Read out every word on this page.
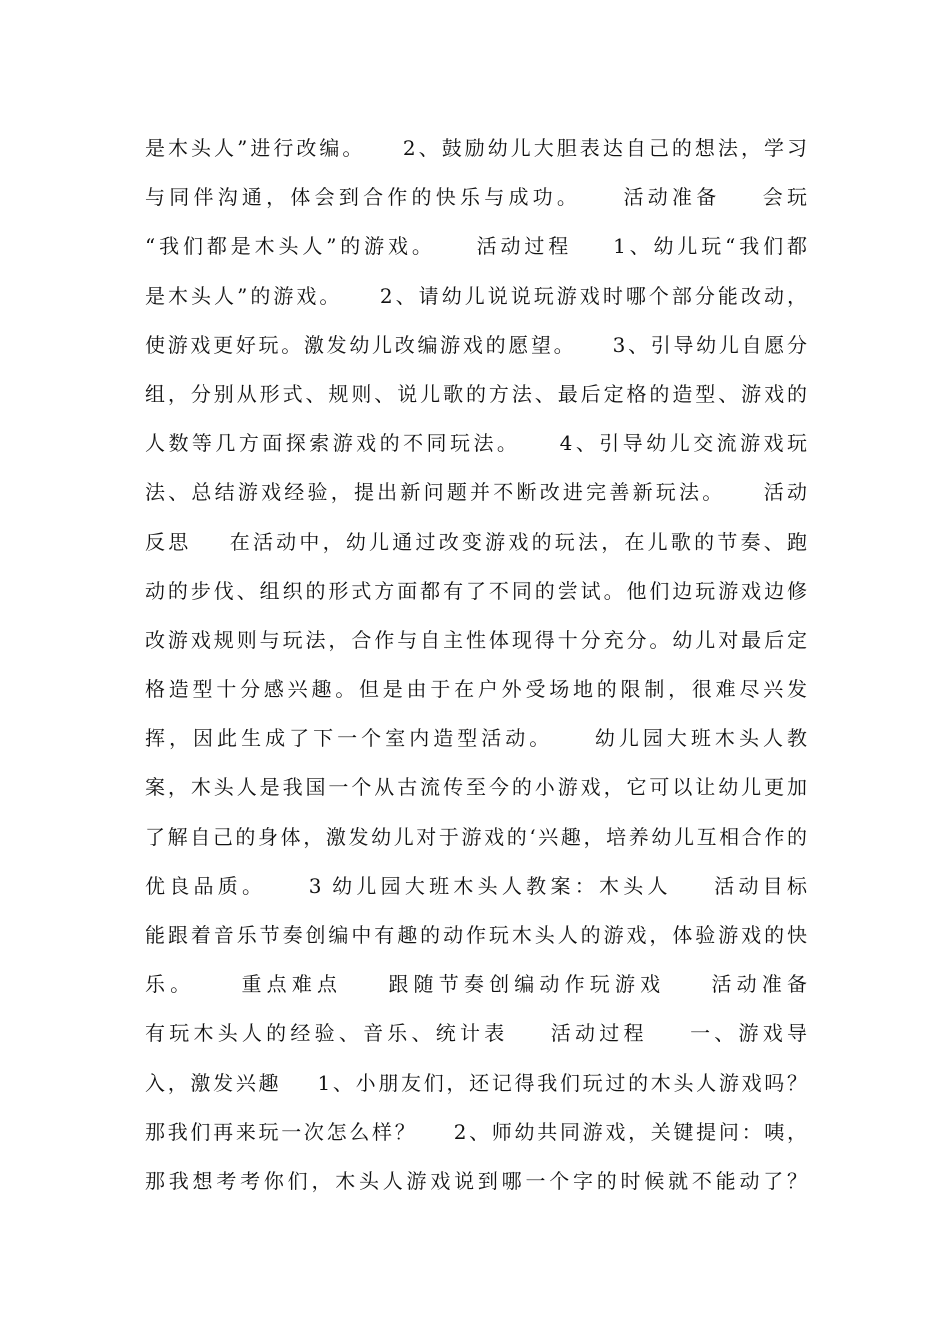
是木头人”进行改编。    2、鼓励幼儿大胆表达自己的想法，学习
与同伴沟通，体会到合作的快乐与成功。    活动准备    会玩
“我们都是木头人”的游戏。    活动过程    1、幼儿玩“我们都
是木头人”的游戏。    2、请幼儿说说玩游戏时哪个部分能改动，
使游戏更好玩。激发幼儿改编游戏的愿望。    3、引导幼儿自愿分
组，分别从形式、规则、说儿歌的方法、最后定格的造型、游戏的
人数等几方面探索游戏的不同玩法。    4、引导幼儿交流游戏玩
法、总结游戏经验，提出新问题并不断改进完善新玩法。    活动
反思    在活动中，幼儿通过改变游戏的玩法，在儿歌的节奏、跑
动的步伐、组织的形式方面都有了不同的尝试。他们边玩游戏边修
改游戏规则与玩法，合作与自主性体现得十分充分。幼儿对最后定
格造型十分感兴趣。但是由于在户外受场地的限制，很难尽兴发
挥，因此生成了下一个室内造型活动。    幼儿园大班木头人教
案，木头人是我国一个从古流传至今的小游戏，它可以让幼儿更加
了解自己的身体，激发幼儿对于游戏的‘兴趣，培养幼儿互相合作的
优良品质。    3 幼儿园大班木头人教案：木头人    活动目标
能跟着音乐节奏创编中有趣的动作玩木头人的游戏，体验游戏的快
乐。    重点难点    跟随节奏创编动作玩游戏    活动准备
有玩木头人的经验、音乐、统计表    活动过程    一、游戏导
入，激发兴趣    1、小朋友们，还记得我们玩过的木头人游戏吗？
那我们再来玩一次怎么样？    2、师幼共同游戏，关键提问：咦，
那我想考考你们，木头人游戏说到哪一个字的时候就不能动了？
